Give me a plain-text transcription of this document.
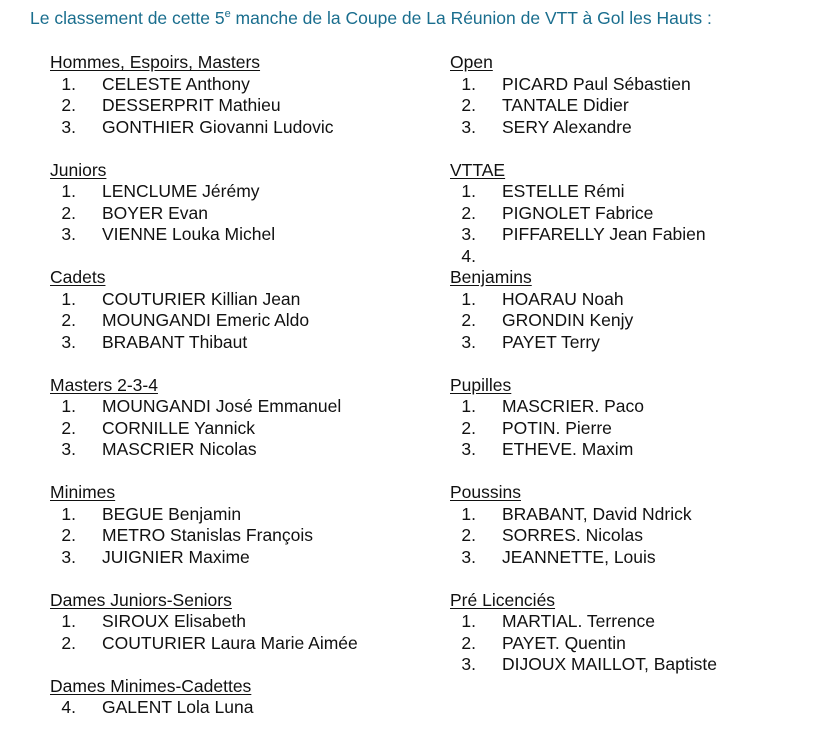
Le classement de cette 5e manche de la Coupe de La Réunion de VTT à Gol les Hauts :
Hommes, Espoirs, Masters
1. CELESTE Anthony
2. DESSERPRIT Mathieu
3. GONTHIER Giovanni Ludovic
Juniors
1. LENCLUME Jérémy
2. BOYER Evan
3. VIENNE Louka Michel
Cadets
1. COUTURIER Killian Jean
2. MOUNGANDI Emeric Aldo
3. BRABANT Thibaut
Masters 2-3-4
1. MOUNGANDI José Emmanuel
2. CORNILLE Yannick
3. MASCRIER Nicolas
Minimes
1. BEGUE Benjamin
2. METRO Stanislas François
3. JUIGNIER Maxime
Dames Juniors-Seniors
1. SIROUX Elisabeth
2. COUTURIER Laura Marie Aimée
Dames Minimes-Cadettes
4. GALENT Lola Luna
Open
1. PICARD Paul Sébastien
2. TANTALE Didier
3. SERY Alexandre
VTTAE
1. ESTELLE Rémi
2. PIGNOLET Fabrice
3. PIFFARELLY Jean Fabien
4.
Benjamins
1. HOARAU Noah
2. GRONDIN Kenjy
3. PAYET Terry
Pupilles
1. MASCRIER. Paco
2. POTIN. Pierre
3. ETHEVE. Maxim
Poussins
1. BRABANT, David Ndrick
2. SORRES. Nicolas
3. JEANNETTE, Louis
Pré Licenciés
1. MARTIAL. Terrence
2. PAYET. Quentin
3. DIJOUX MAILLOT, Baptiste
